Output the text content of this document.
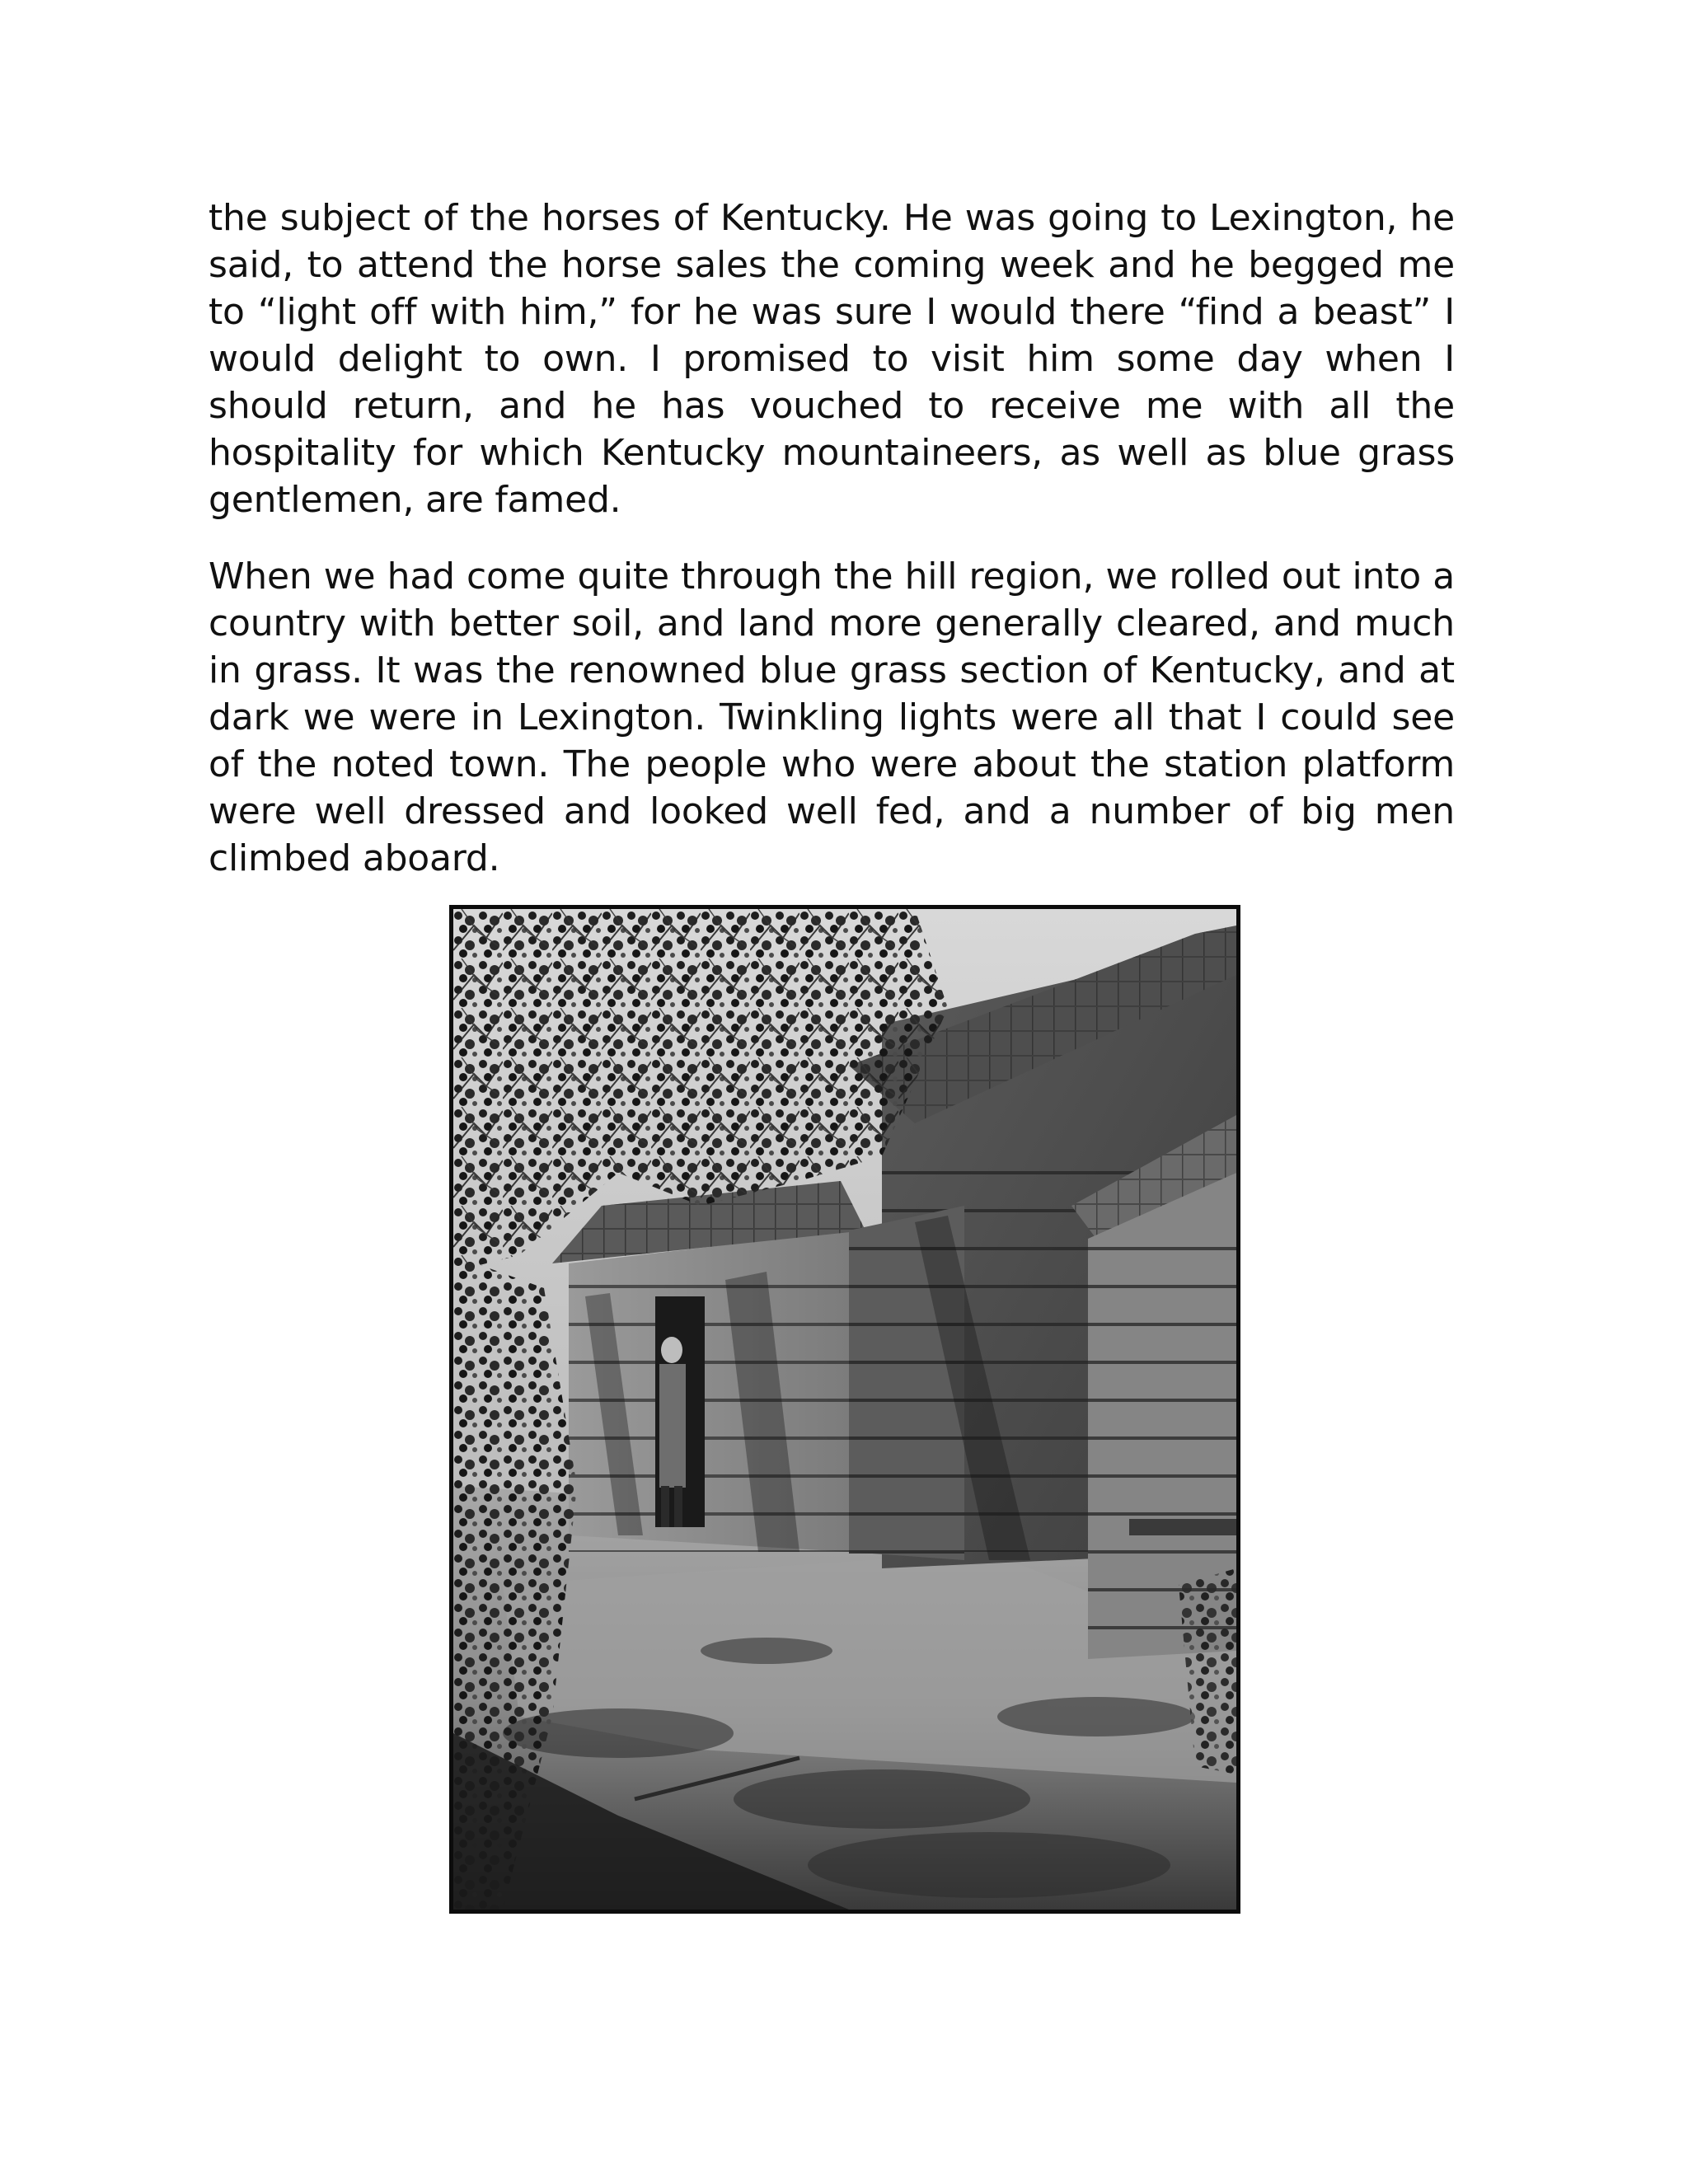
the subject of the horses of Kentucky. He was going to Lexington, he said, to attend the horse sales the coming week and he begged me to “light off with him,” for he was sure I would there “find a beast” I would delight to own. I promised to visit him some day when I should return, and he has vouched to receive me with all the hospitality for which Kentucky mountaineers, as well as blue grass gentlemen, are famed.

When we had come quite through the hill region, we rolled out into a country with better soil, and land more generally cleared, and much in grass. It was the renowned blue grass section of Kentucky, and at dark we were in Lexington. Twinkling lights were all that I could see of the noted town. The people who were about the station platform were well dressed and looked well fed, and a number of big men climbed aboard.
